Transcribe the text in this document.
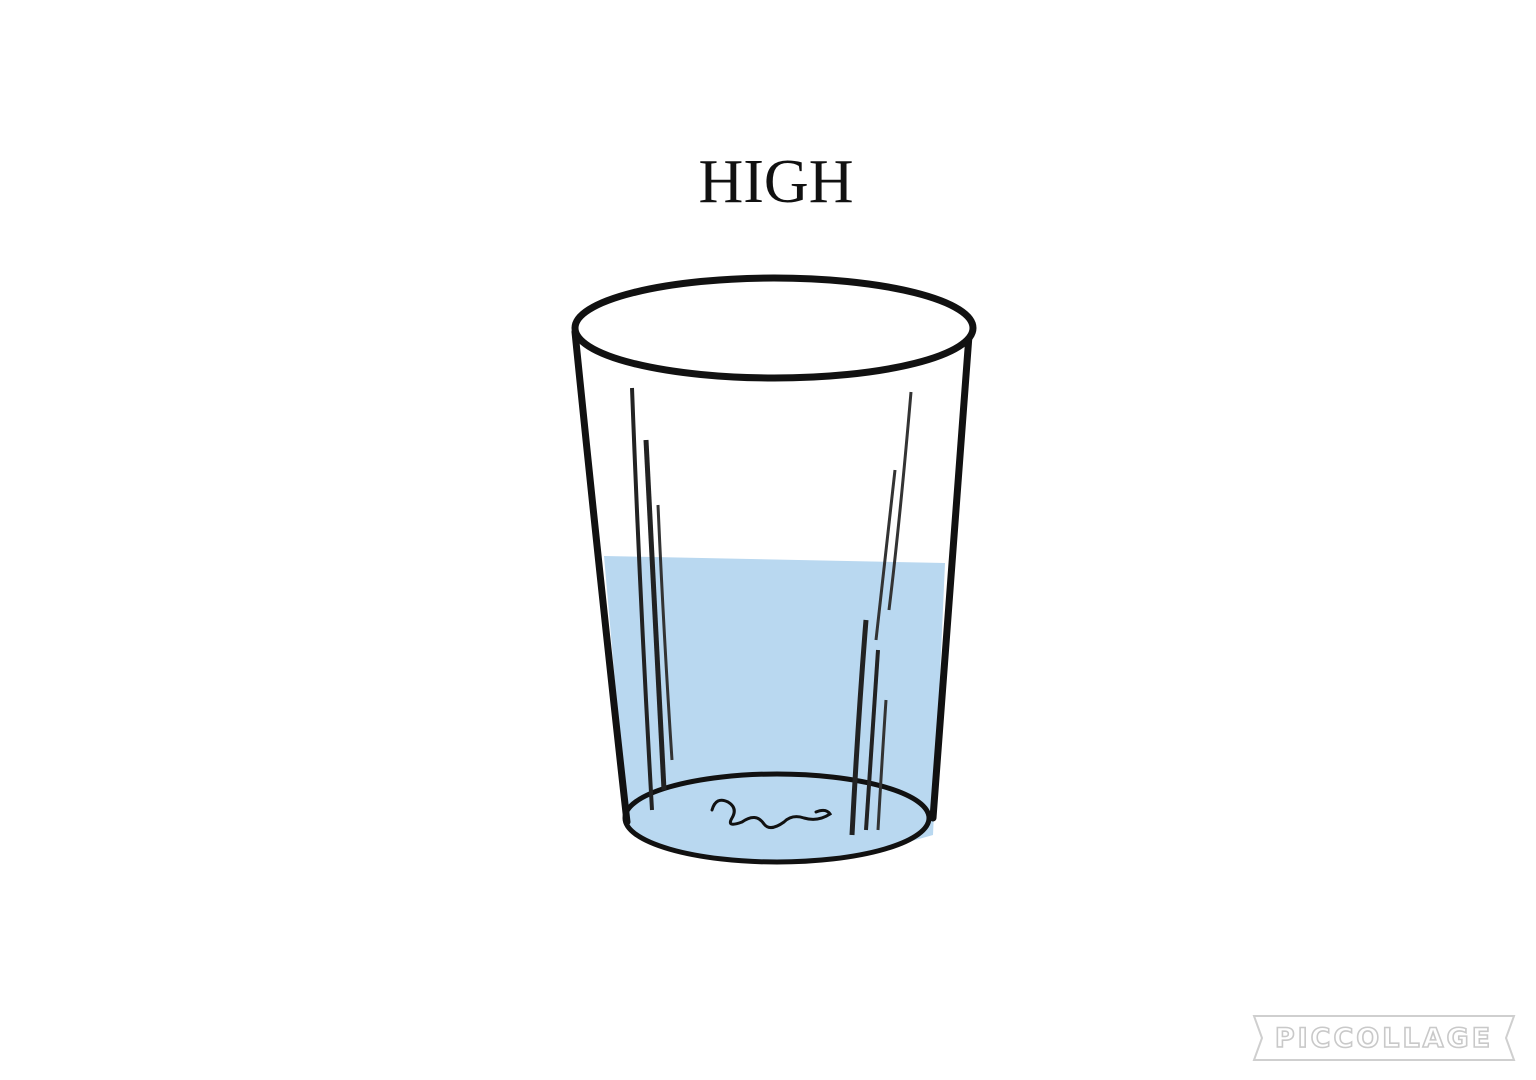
HIGH
PICCOLLAGE
